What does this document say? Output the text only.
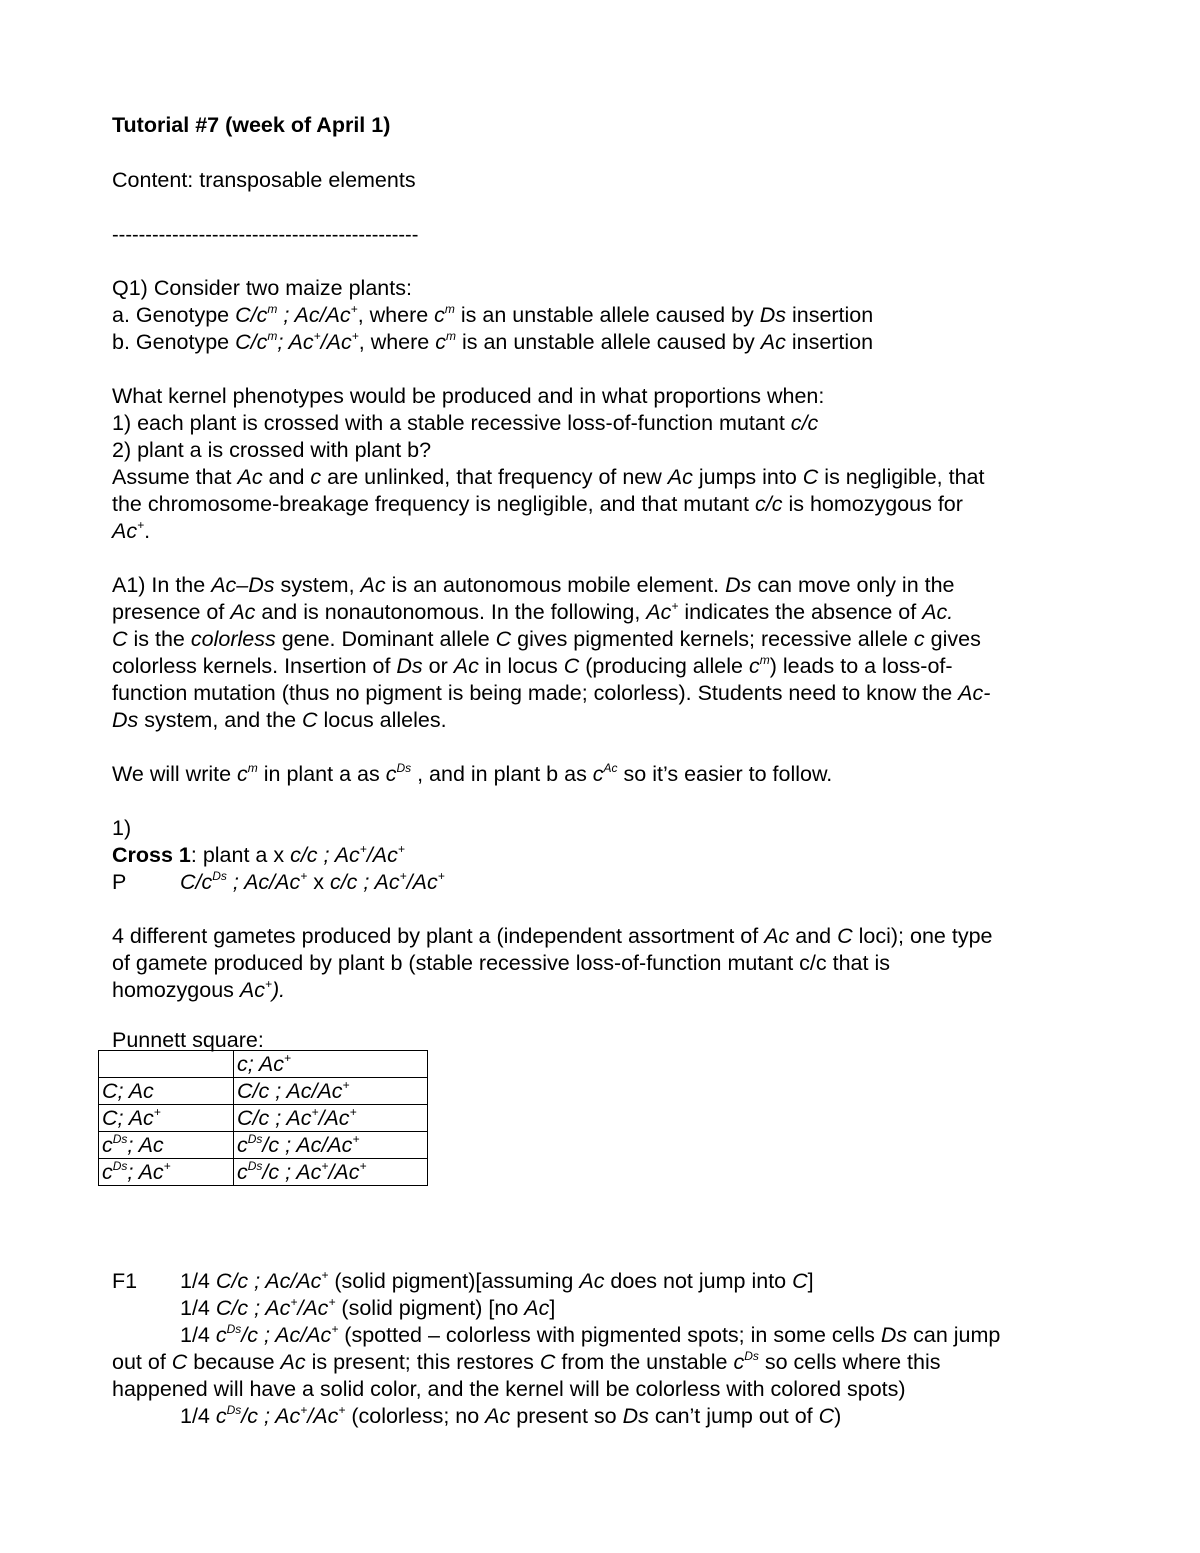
Tutorial #7 (week of April 1)

Content: transposable elements

----------------------------------------------

Q1) Consider two maize plants:

a. Genotype $C/c^m$ ; Ac/Ac+, where $c^m$ is an unstable allele caused by Ds insertion

b. Genotype $C/c^m$; Ac+/Ac+, where $c^m$ is an unstable allele caused by Ac insertion

What kernel phenotypes would be produced and in what proportions when:

1) each plant is crossed with a stable recessive loss-of-function mutant c/c

2) plant a is crossed with plant b?

Assume that Ac and c are unlinked, that frequency of new Ac jumps into C is negligible, that

the chromosome-breakage frequency is negligible, and that mutant c/c is homozygous for

Ac+.

A1) In the Ac–Ds system, Ac is an autonomous mobile element. Ds can move only in the

presence of Ac and is nonautonomous. In the following, Ac+ indicates the absence of Ac.

C is the colorless gene. Dominant allele C gives pigmented kernels; recessive allele c gives

colorless kernels. Insertion of Ds or Ac in locus C (producing allele $c^m$) leads to a loss-of-

function mutation (thus no pigment is being made; colorless). Students need to know the Ac-

Ds system, and the C locus alleles.

We will write $c^m$ in plant a as $c^{Ds}$ , and in plant b as $c^{Ac}$ so it’s easier to follow.

1)

Cross 1: plant a x c/c ; Ac+/Ac+

P $C/c^{Ds}$ ; Ac/Ac+ x c/c ; Ac+/Ac+

4 different gametes produced by plant a (independent assortment of Ac and C loci); one type

of gamete produced by plant b (stable recessive loss-of-function mutant c/c that is

homozygous Ac+).

Punnett square:

	c; Ac+
C; Ac	C/c ; Ac/Ac+
C; Ac+	C/c ; Ac+/Ac+
$c^{Ds}$; Ac	$c^{Ds}/c$ ; Ac/Ac+
$c^{Ds}$; Ac+	$c^{Ds}/c$ ; Ac+/Ac+

F1 1/4 C/c ; Ac/Ac+ (solid pigment)[assuming Ac does not jump into C]

1/4 C/c ; Ac+/Ac+ (solid pigment) [no Ac]

1/4 $c^{Ds}/c$ ; Ac/Ac+ (spotted – colorless with pigmented spots; in some cells Ds can jump

out of C because Ac is present; this restores C from the unstable $c^{Ds}$ so cells where this

happened will have a solid color, and the kernel will be colorless with colored spots)

1/4 $c^{Ds}/c$ ; Ac+/Ac+ (colorless; no Ac present so Ds can’t jump out of C)
